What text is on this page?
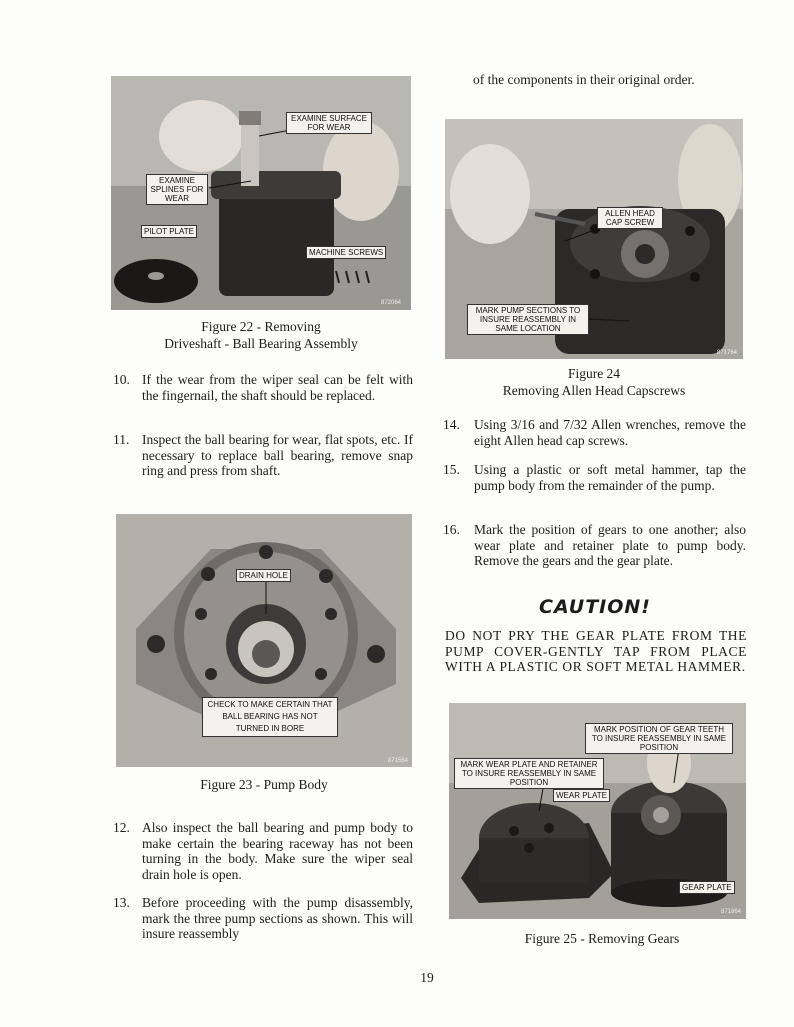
EXAMINE SURFACE FOR WEAR
EXAMINE SPLINES FOR WEAR
PILOT PLATE
MACHINE SCREWS
872064
Figure 22 - Removing
Driveshaft - Ball Bearing Assembly
10. If the wear from the wiper seal can be felt with the fingernail, the shaft should be replaced.
11. Inspect the ball bearing for wear, flat spots, etc. If necessary to replace ball bearing, remove snap ring and press from shaft.
DRAIN HOLE
CHECK TO MAKE CERTAIN THAT BALL BEARING HAS NOT TURNED IN BORE
871564
Figure 23 - Pump Body
12. Also inspect the ball bearing and pump body to make certain the bearing raceway has not been turning in the body. Make sure the wiper seal drain hole is open.
13. Before proceeding with the pump disassembly, mark the three pump sections as shown. This will insure reassembly
of the components in their original order.
ALLEN HEAD CAP SCREW
MARK PUMP SECTIONS TO INSURE REASSEMBLY IN SAME LOCATION
871764
Figure 24
Removing Allen Head Capscrews
14. Using 3/16 and 7/32 Allen wrenches, remove the eight Allen head cap screws.
15. Using a plastic or soft metal hammer, tap the pump body from the remainder of the pump.
16. Mark the position of gears to one another; also wear plate and retainer plate to pump body. Remove the gears and the gear plate.
CAUTION!
DO NOT PRY THE GEAR PLATE FROM THE PUMP COVER-GENTLY TAP FROM PLACE WITH A PLASTIC OR SOFT METAL HAMMER.
MARK POSITION OF GEAR TEETH TO INSURE REASSEMBLY IN SAME POSITION
MARK WEAR PLATE AND RETAINER TO INSURE REASSEMBLY IN SAME POSITION
WEAR PLATE
GEAR PLATE
871864
Figure 25 - Removing Gears
19
